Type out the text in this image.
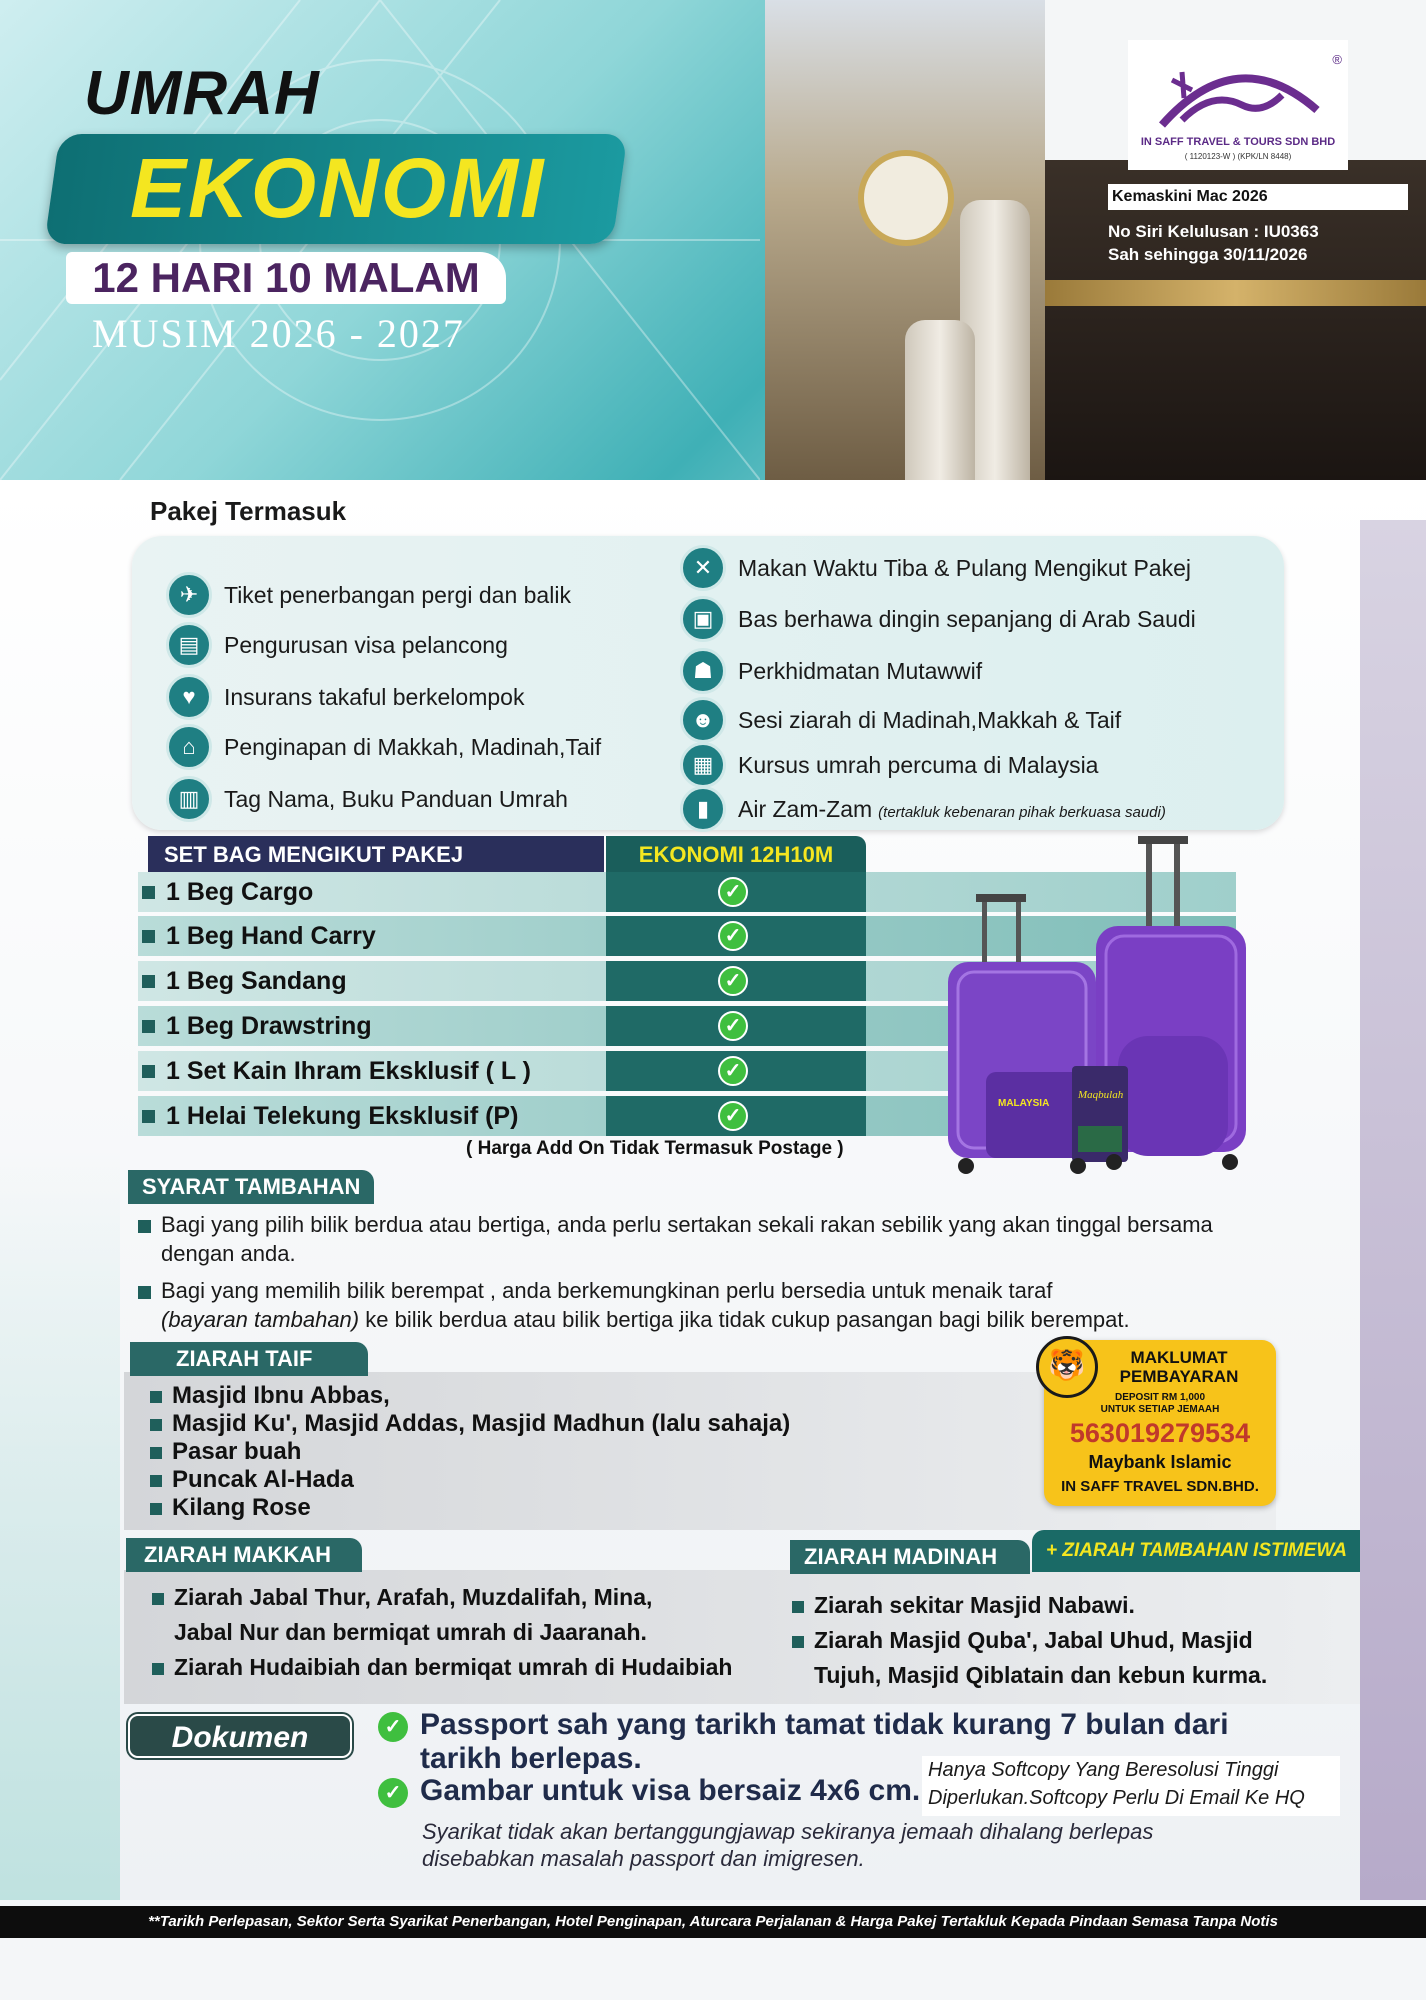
UMRAH
EKONOMI
12 HARI 10 MALAM
MUSIM 2026 - 2027
®
IN SAFF TRAVEL & TOURS SDN BHD
( 1120123-W ) (KPK/LN 8448)
Kemaskini Mac 2026
No Siri Kelulusan : IU0363
Sah sehingga 30/11/2026
Pakej Termasuk
✈	Tiket penerbangan pergi dan balik
▤	Pengurusan visa pelancong
♥	Insurans takaful berkelompok
⌂	Penginapan di Makkah, Madinah,Taif
▥	Tag Nama, Buku Panduan Umrah
✕	Makan Waktu Tiba & Pulang Mengikut Pakej
▣	Bas berhawa dingin sepanjang di Arab Saudi
☗	Perkhidmatan Mutawwif
☻	Sesi ziarah di Madinah,Makkah & Taif
▦	Kursus umrah percuma di Malaysia
▮	Air Zam-Zam (tertakluk kebenaran pihak berkuasa saudi)
SET BAG MENGIKUT PAKEJ	EKONOMI 12H10M
1 Beg Cargo	✓
1 Beg Hand Carry	✓
1 Beg Sandang	✓
1 Beg Drawstring	✓
1 Set Kain Ihram Eksklusif ( L )	✓
1 Helai Telekung Eksklusif (P)	✓
( Harga Add On Tidak Termasuk Postage )
MALAYSIA
Maqbulah
SYARAT TAMBAHAN
Bagi yang pilih bilik berdua atau bertiga, anda perlu sertakan sekali rakan sebilik yang akan tinggal bersama
dengan anda.
Bagi yang memilih bilik berempat , anda berkemungkinan perlu bersedia untuk menaik taraf
(bayaran tambahan) ke bilik berdua atau bilik bertiga jika tidak cukup pasangan bagi bilik berempat.
ZIARAH TAIF
Masjid Ibnu Abbas,
Masjid Ku', Masjid Addas, Masjid Madhun (lalu sahaja)
Pasar buah
Puncak Al-Hada
Kilang Rose
🐯	MAKLUMAT PEMBAYARAN
DEPOSIT RM 1,000
UNTUK SETIAP JEMAAH
563019279534
Maybank Islamic
IN SAFF TRAVEL SDN.BHD.
ZIARAH MAKKAH
Ziarah Jabal Thur, Arafah, Muzdalifah, Mina,
Jabal Nur dan bermiqat umrah di Jaaranah.
Ziarah Hudaibiah dan bermiqat umrah di Hudaibiah
+ ZIARAH TAMBAHAN ISTIMEWA
ZIARAH MADINAH
Ziarah sekitar Masjid Nabawi.
Ziarah Masjid Quba', Jabal Uhud, Masjid
Tujuh, Masjid Qiblatain dan kebun kurma.
Dokumen	✓ Passport sah yang tarikh tamat tidak kurang 7 bulan dari
tarikh berlepas.
✓ Gambar untuk visa bersaiz 4x6 cm.
Hanya Softcopy Yang Beresolusi Tinggi
Diperlukan.Softcopy Perlu Di Email Ke HQ
Syarikat tidak akan bertanggungjawap sekiranya jemaah dihalang berlepas
disebabkan masalah passport dan imigresen.
**Tarikh Perlepasan, Sektor Serta Syarikat Penerbangan, Hotel Penginapan, Aturcara Perjalanan & Harga Pakej Tertakluk Kepada Pindaan Semasa Tanpa Notis
